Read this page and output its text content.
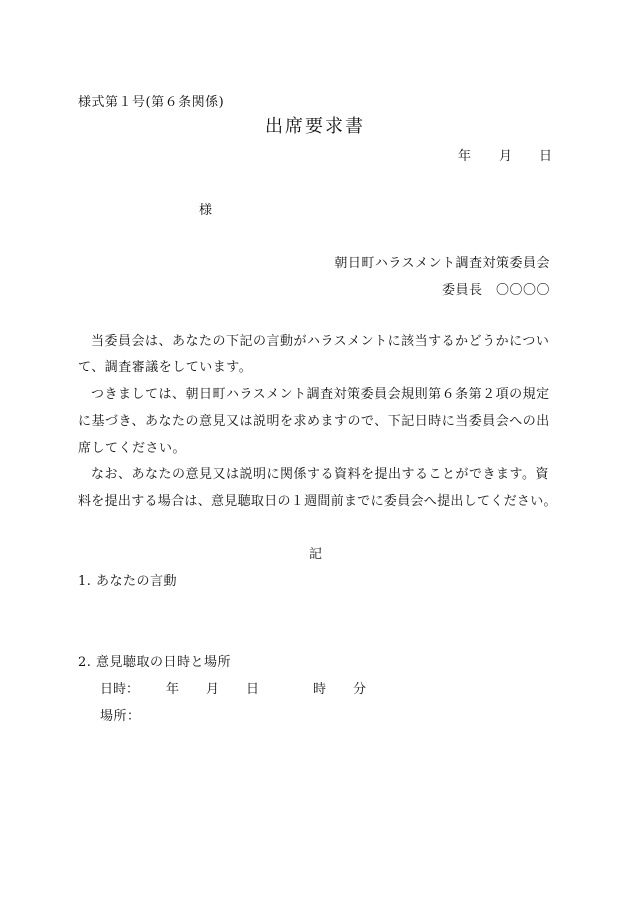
様式第１号(第６条関係)
出席要求書
年 月 日
様
朝日町ハラスメント調査対策委員会
委員長　〇〇〇〇
当委員会は、あなたの下記の言動がハラスメントに該当するかどうかについ
て、調査審議をしています。
つきましては、朝日町ハラスメント調査対策委員会規則第６条第２項の規定
に基づき、あなたの意見又は説明を求めますので、下記日時に当委員会への出
席してください。
なお、あなたの意見又は説明に関係する資料を提出することができます。資
料を提出する場合は、意見聴取日の１週間前までに委員会へ提出してください。
記
1. あなたの言動
2. 意見聴取の日時と場所
日時： 年 月 日	時 分
場所：
